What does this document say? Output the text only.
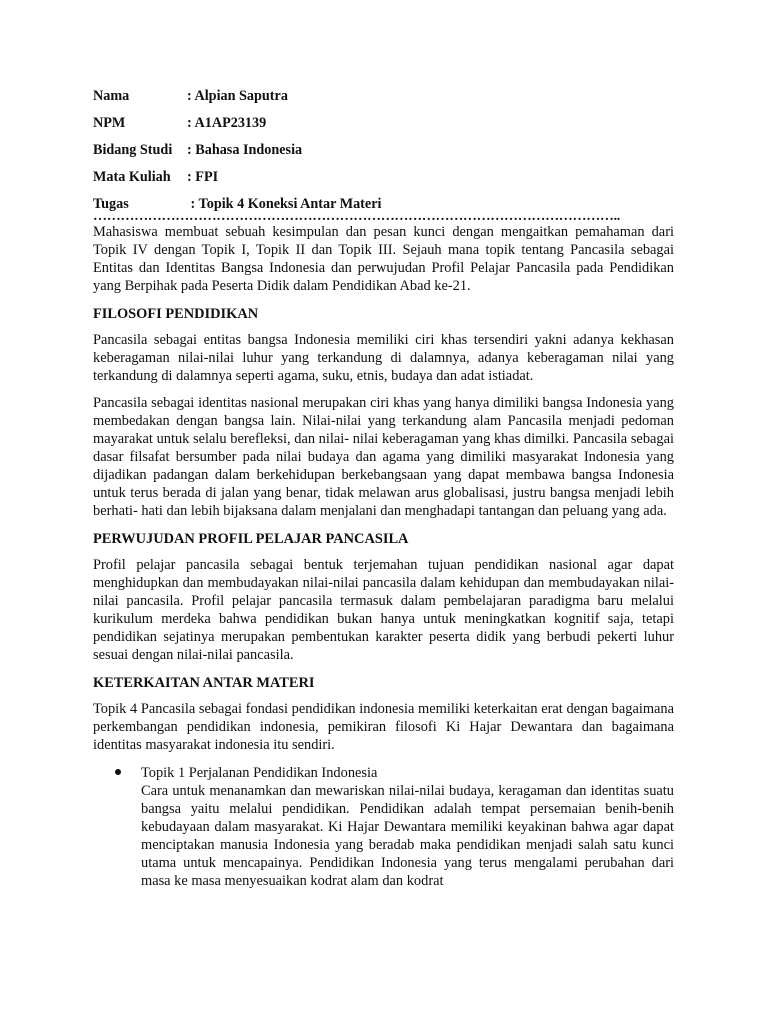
Nama	: Alpian Saputra
NPM	: A1AP23139
Bidang Studi	: Bahasa Indonesia
Mata Kuliah	: FPI
Tugas	: Topik 4 Koneksi Antar Materi
……………………………………………………………………………………………………..

Mahasiswa membuat sebuah kesimpulan dan pesan kunci dengan mengaitkan pemahaman dari Topik IV dengan Topik I, Topik II dan Topik III. Sejauh mana topik tentang Pancasila sebagai Entitas dan Identitas Bangsa Indonesia dan perwujudan Profil Pelajar Pancasila pada Pendidikan yang Berpihak pada Peserta Didik dalam Pendidikan Abad ke-21.

FILOSOFI PENDIDIKAN

Pancasila sebagai entitas bangsa Indonesia memiliki ciri khas tersendiri yakni adanya kekhasan keberagaman nilai-nilai luhur yang terkandung di dalamnya, adanya keberagaman nilai yang terkandung di dalamnya seperti agama, suku, etnis, budaya dan adat istiadat.

Pancasila sebagai identitas nasional merupakan ciri khas yang hanya dimiliki bangsa Indonesia yang membedakan dengan bangsa lain. Nilai-nilai yang terkandung alam Pancasila menjadi pedoman mayarakat untuk selalu berefleksi, dan nilai- nilai keberagaman yang khas dimilki. Pancasila sebagai dasar filsafat bersumber pada nilai budaya dan agama yang dimiliki masyarakat Indonesia yang dijadikan padangan dalam berkehidupan berkebangsaan yang dapat membawa bangsa Indonesia untuk terus berada di jalan yang benar, tidak melawan arus globalisasi, justru bangsa menjadi lebih berhati- hati dan lebih bijaksana dalam menjalani dan menghadapi tantangan dan peluang yang ada.

PERWUJUDAN PROFIL PELAJAR PANCASILA

Profil pelajar pancasila sebagai bentuk terjemahan tujuan pendidikan nasional agar dapat menghidupkan dan membudayakan nilai-nilai pancasila dalam kehidupan dan membudayakan nilai-nilai pancasila. Profil pelajar pancasila termasuk dalam pembelajaran paradigma baru melalui kurikulum merdeka bahwa pendidikan bukan hanya untuk meningkatkan kognitif saja, tetapi pendidikan sejatinya merupakan pembentukan karakter peserta didik yang berbudi pekerti luhur sesuai dengan nilai-nilai pancasila.

KETERKAITAN ANTAR MATERI

Topik 4 Pancasila sebagai fondasi pendidikan indonesia memiliki keterkaitan erat dengan bagaimana perkembangan pendidikan indonesia, pemikiran filosofi Ki Hajar Dewantara dan bagaimana identitas masyarakat indonesia itu sendiri.

Topik 1 Perjalanan Pendidikan Indonesia

Cara untuk menanamkan dan mewariskan nilai-nilai budaya, keragaman dan identitas suatu bangsa yaitu melalui pendidikan. Pendidikan adalah tempat persemaian benih-benih kebudayaan dalam masyarakat. Ki Hajar Dewantara memiliki keyakinan bahwa agar dapat menciptakan manusia Indonesia yang beradab maka pendidikan menjadi salah satu kunci utama untuk mencapainya. Pendidikan Indonesia yang terus mengalami perubahan dari masa ke masa menyesuaikan kodrat alam dan kodrat
